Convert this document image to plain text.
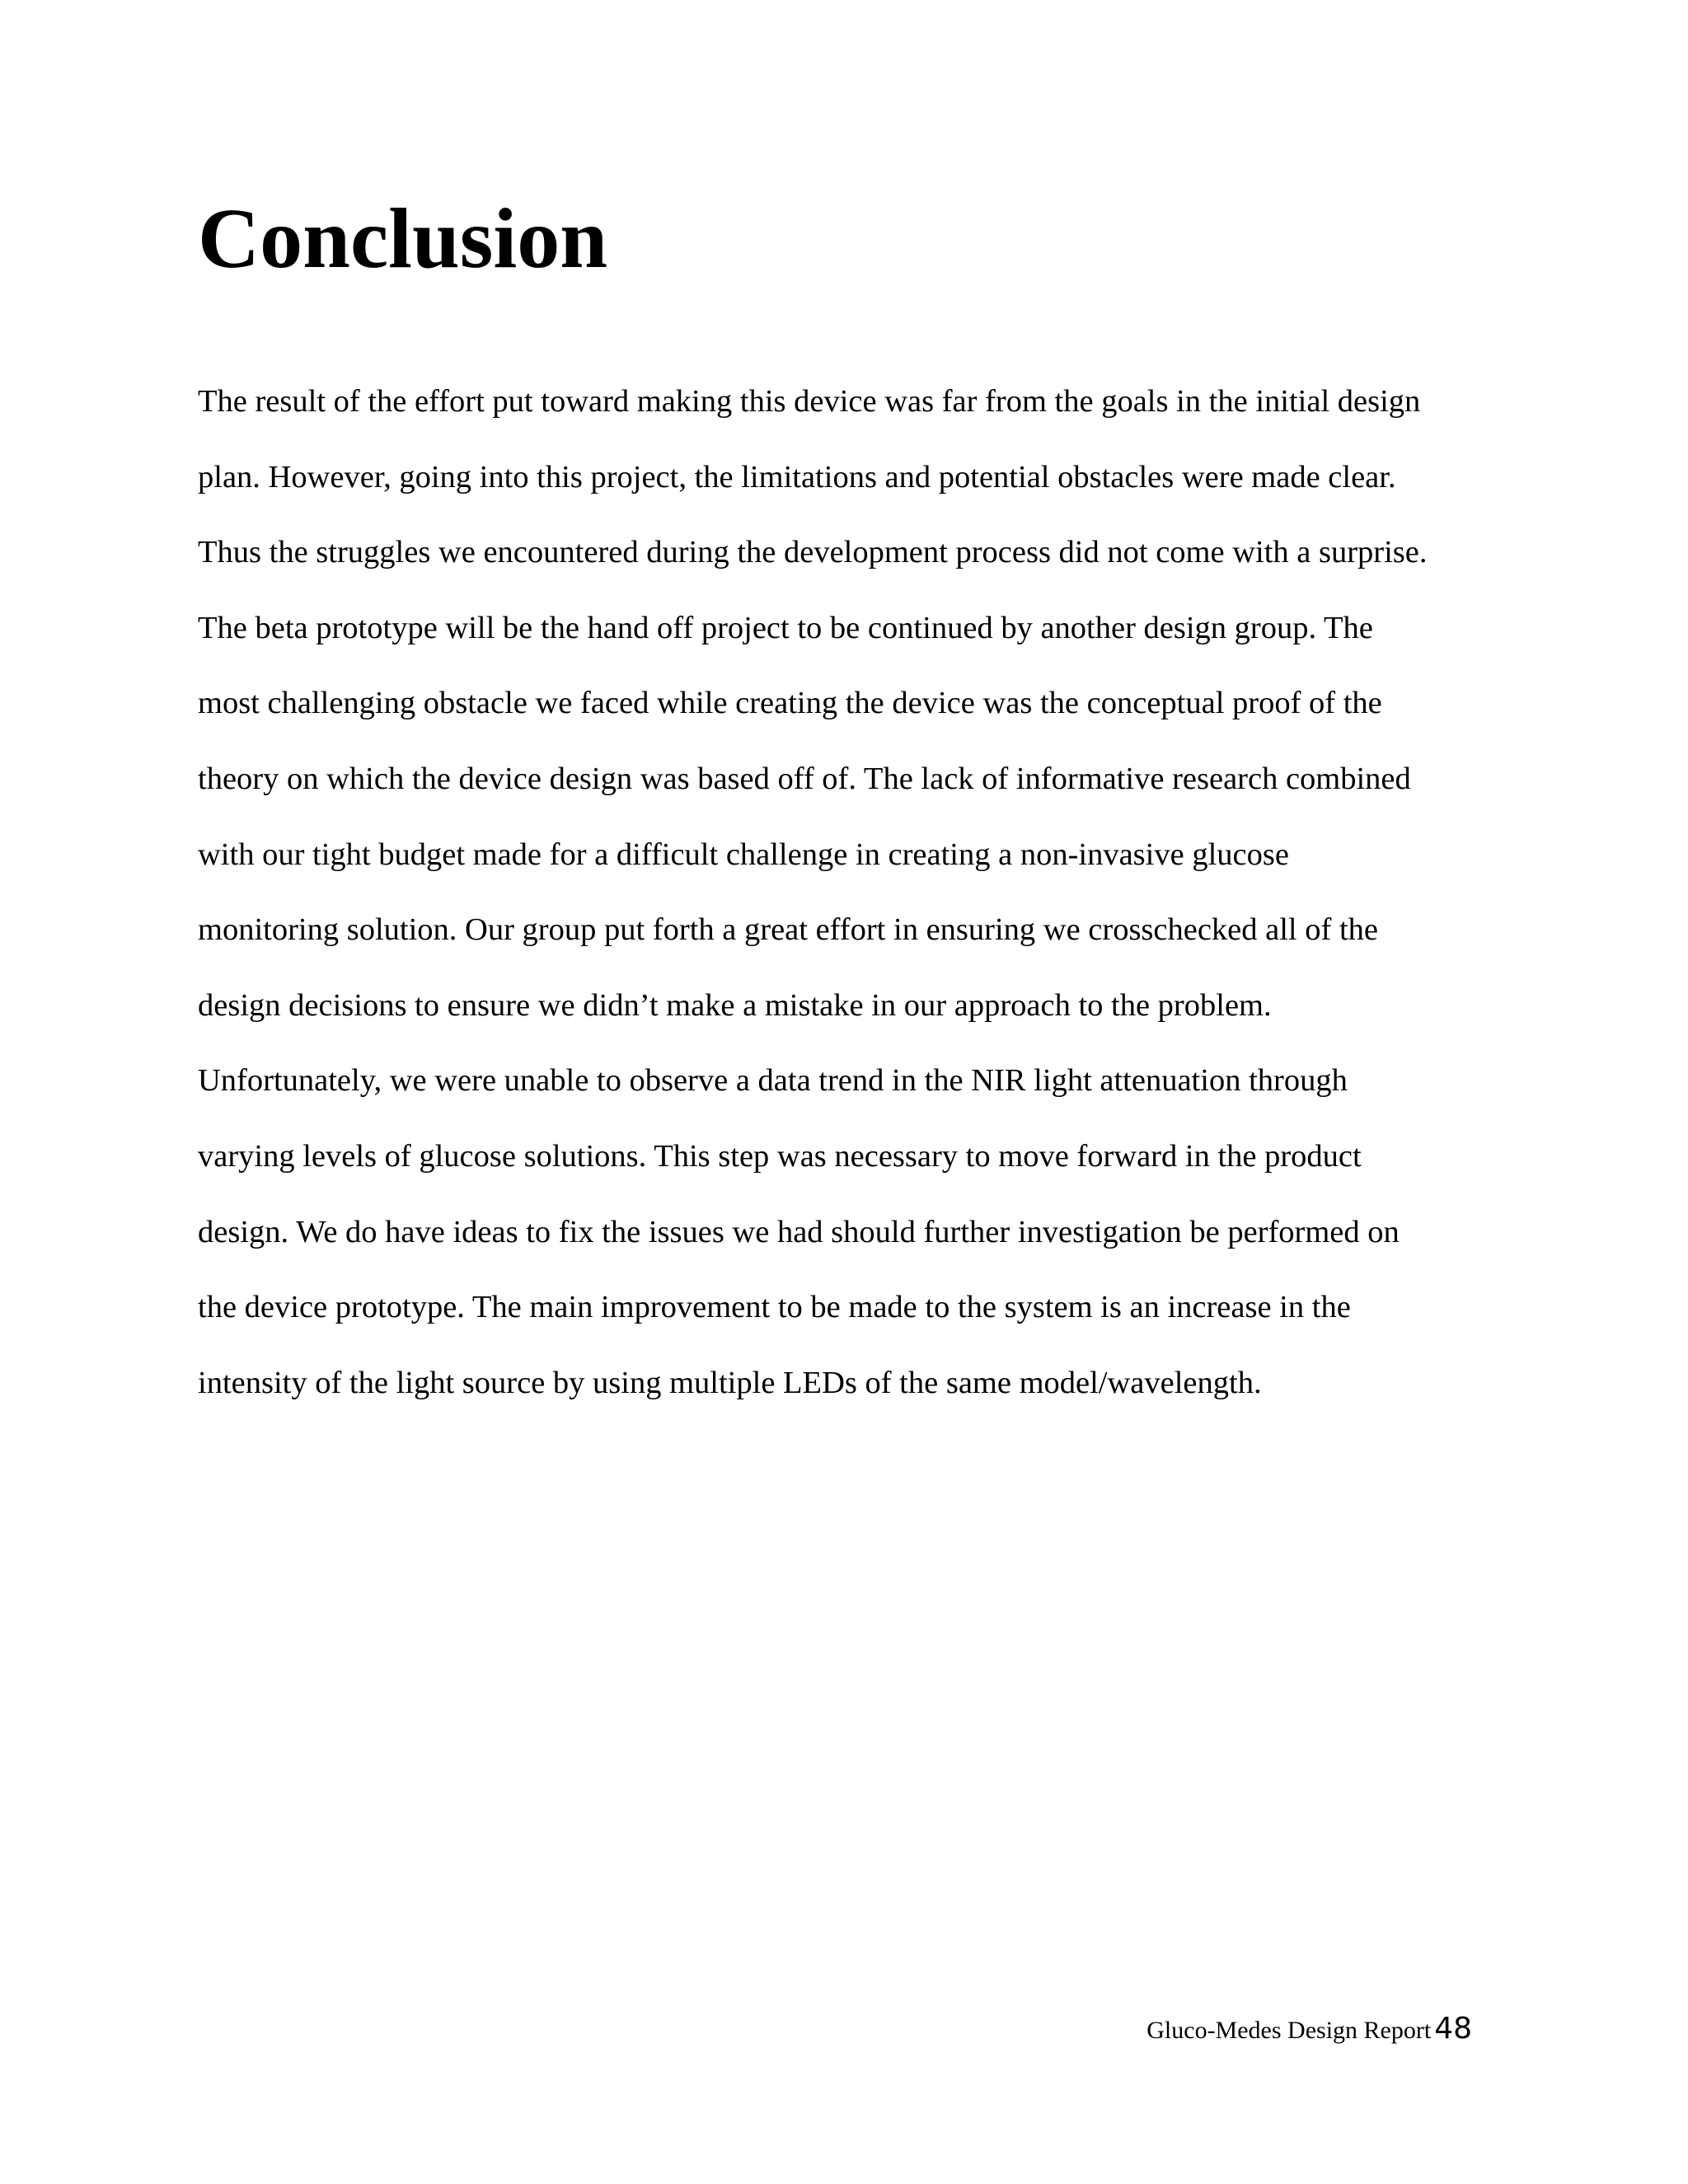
Conclusion
The result of the effort put toward making this device was far from the goals in the initial design
plan. However, going into this project, the limitations and potential obstacles were made clear.
Thus the struggles we encountered during the development process did not come with a surprise.
The beta prototype will be the hand off project to be continued by another design group. The
most challenging obstacle we faced while creating the device was the conceptual proof of the
theory on which the device design was based off of. The lack of informative research combined
with our tight budget made for a difficult challenge in creating a non-invasive glucose
monitoring solution. Our group put forth a great effort in ensuring we crosschecked all of the
design decisions to ensure we didn’t make a mistake in our approach to the problem.
Unfortunately, we were unable to observe a data trend in the NIR light attenuation through
varying levels of glucose solutions. This step was necessary to move forward in the product
design. We do have ideas to fix the issues we had should further investigation be performed on
the device prototype. The main improvement to be made to the system is an increase in the
intensity of the light source by using multiple LEDs of the same model/wavelength.
Gluco-Medes Design Report 48
